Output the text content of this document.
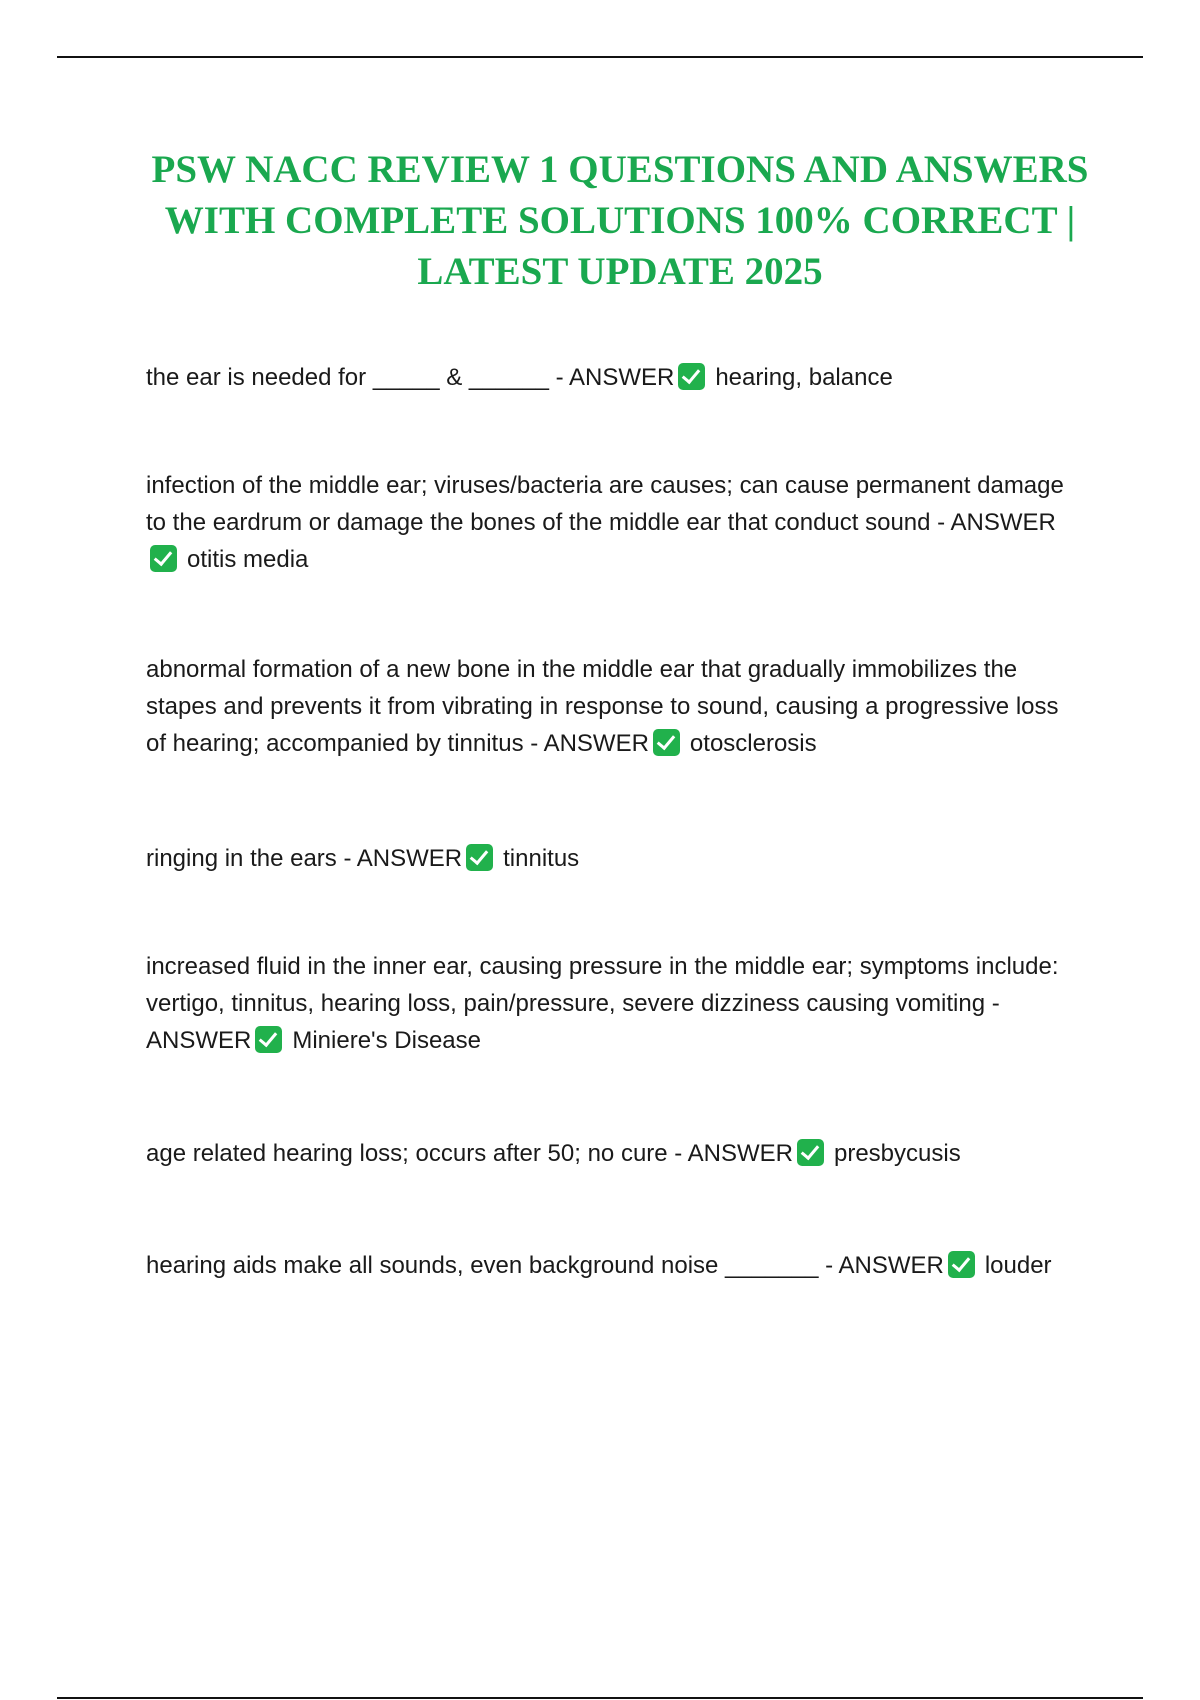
PSW NACC REVIEW 1 QUESTIONS AND ANSWERS WITH COMPLETE SOLUTIONS 100% CORRECT | LATEST UPDATE 2025

the ear is needed for _____ & ______ - ANSWER hearing, balance

infection of the middle ear; viruses/bacteria are causes; can cause permanent damage to the eardrum or damage the bones of the middle ear that conduct sound - ANSWERotitis media

abnormal formation of a new bone in the middle ear that gradually immobilizes the stapes and prevents it from vibrating in response to sound, causing a progressive loss of hearing; accompanied by tinnitus - ANSWER otosclerosis

ringing in the ears - ANSWER tinnitus

increased fluid in the inner ear, causing pressure in the middle ear; symptoms include: vertigo, tinnitus, hearing loss, pain/pressure, severe dizziness causing vomiting - ANSWER Miniere's Disease

age related hearing loss; occurs after 50; no cure - ANSWER presbycusis

hearing aids make all sounds, even background noise _______ - ANSWER louder
